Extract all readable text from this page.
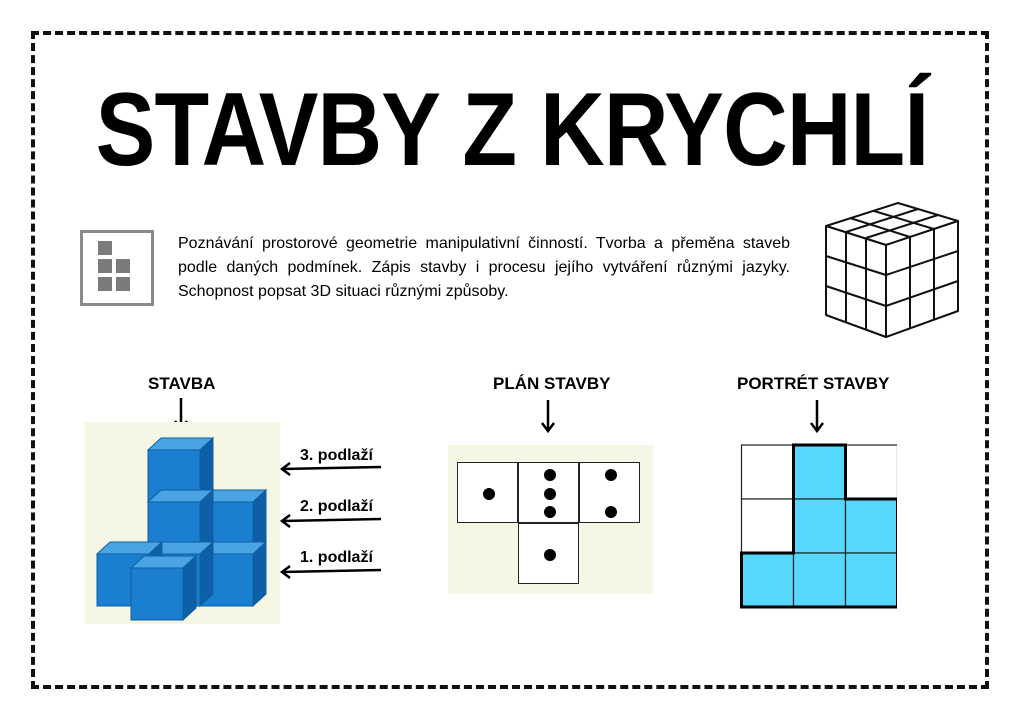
STAVBY Z KRYCHLÍ
Poznávání prostorové geometrie manipulativní činností. Tvorba a přeměna staveb podle daných podmínek. Zápis stavby i procesu jejího vytváření různými jazyky. Schopnost popsat 3D situaci různými způsoby.
STAVBA
3. podlaží
2. podlaží
1. podlaží
PLÁN STAVBY	PORTRÉT STAVBY
